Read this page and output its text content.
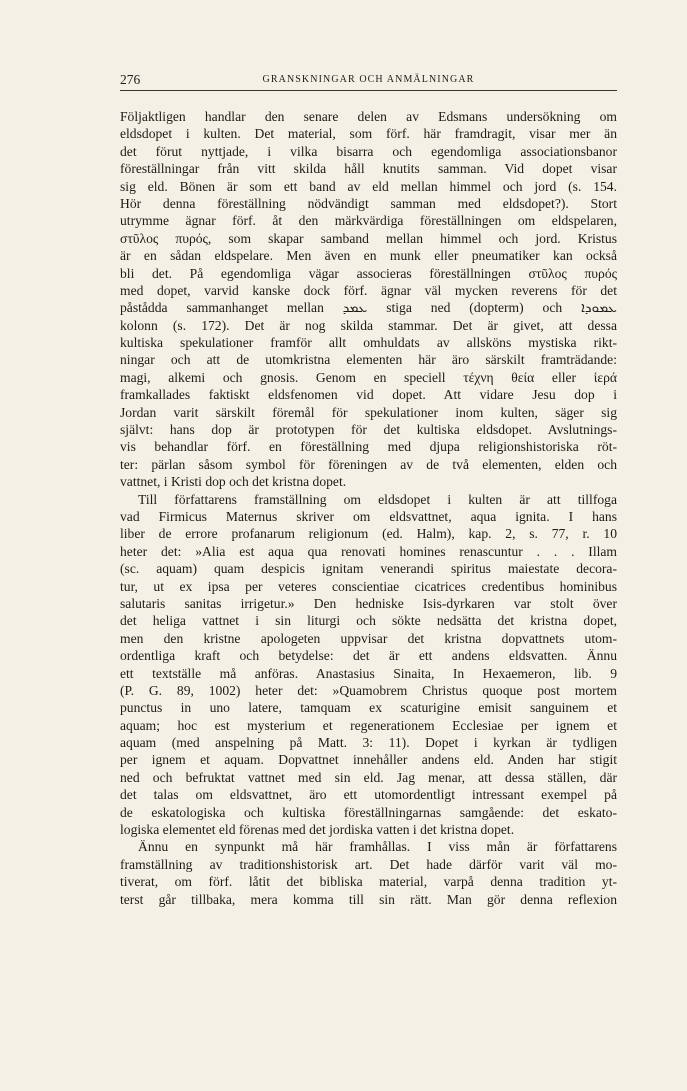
276	GRANSKNINGAR OCH ANMÄLNINGAR
Följaktligen handlar den senare delen av Edsmans undersökning om
eldsdopet i kulten. Det material, som förf. här framdragit, visar mer än
det förut nyttjade, i vilka bisarra och egendomliga associationsbanor
föreställningar från vitt skilda håll knutits samman. Vid dopet visar
sig eld. Bönen är som ett band av eld mellan himmel och jord (s. 154.
Hör denna föreställning nödvändigt samman med eldsdopet?). Stort
utrymme ägnar förf. åt den märkvärdiga föreställningen om eldspelaren,
στῦλος πυρός, som skapar samband mellan himmel och jord. Kristus
är en sådan eldspelare. Men även en munk eller pneumatiker kan också
bli det. På egendomliga vägar associeras föreställningen στῦλος πυρός
med dopet, varvid kanske dock förf. ägnar väl mycken reverens för det
påstådda sammanhanget mellan ܥܡܕ stiga ned (dopterm) och ܥܡܘܕܐ
kolonn (s. 172). Det är nog skilda stammar. Det är givet, att dessa
kultiska spekulationer framför allt omhuldats av allsköns mystiska rikt-
ningar och att de utomkristna elementen här äro särskilt framträdande:
magi, alkemi och gnosis. Genom en speciell τέχνη θεία eller ἱερά
framkallades faktiskt eldsfenomen vid dopet. Att vidare Jesu dop i
Jordan varit särskilt föremål för spekulationer inom kulten, säger sig
självt: hans dop är prototypen för det kultiska eldsdopet. Avslutnings-
vis behandlar förf. en föreställning med djupa religionshistoriska röt-
ter: pärlan såsom symbol för föreningen av de två elementen, elden och
vattnet, i Kristi dop och det kristna dopet.
Till författarens framställning om eldsdopet i kulten är att tillfoga
vad Firmicus Maternus skriver om eldsvattnet, aqua ignita. I hans
liber de errore profanarum religionum (ed. Halm), kap. 2, s. 77, r. 10
heter det: »Alia est aqua qua renovati homines renascuntur . . . Illam
(sc. aquam) quam despicis ignitam venerandi spiritus maiestate decora-
tur, ut ex ipsa per veteres conscientiae cicatrices credentibus hominibus
salutaris sanitas irrigetur.» Den hedniske Isis-dyrkaren var stolt över
det heliga vattnet i sin liturgi och sökte nedsätta det kristna dopet,
men den kristne apologeten uppvisar det kristna dopvattnets utom-
ordentliga kraft och betydelse: det är ett andens eldsvatten. Ännu
ett textställe må anföras. Anastasius Sinaita, In Hexaemeron, lib. 9
(P. G. 89, 1002) heter det: »Quamobrem Christus quoque post mortem
punctus in uno latere, tamquam ex scaturigine emisit sanguinem et
aquam; hoc est mysterium et regenerationem Ecclesiae per ignem et
aquam (med anspelning på Matt. 3: 11). Dopet i kyrkan är tydligen
per ignem et aquam. Dopvattnet innehåller andens eld. Anden har stigit
ned och befruktat vattnet med sin eld. Jag menar, att dessa ställen, där
det talas om eldsvattnet, äro ett utomordentligt intressant exempel på
de eskatologiska och kultiska föreställningarnas samgående: det eskato-
logiska elementet eld förenas med det jordiska vatten i det kristna dopet.
Ännu en synpunkt må här framhållas. I viss mån är författarens
framställning av traditionshistorisk art. Det hade därför varit väl mo-
tiverat, om förf. låtit det bibliska material, varpå denna tradition yt-
terst går tillbaka, mera komma till sin rätt. Man gör denna reflexion
